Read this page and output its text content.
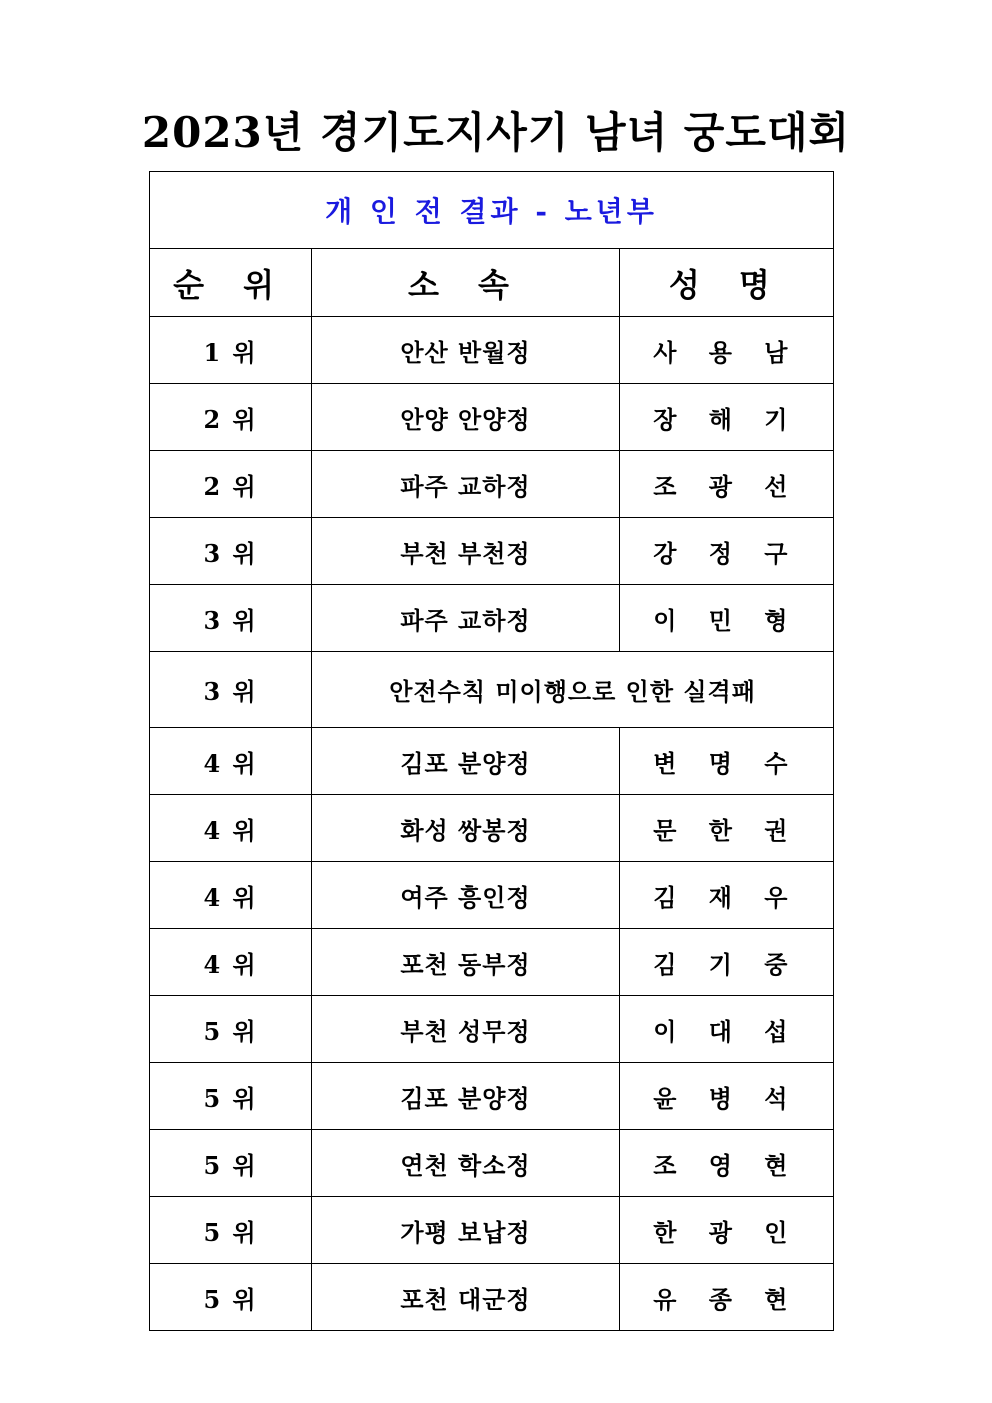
2023년 경기도지사기 남녀 궁도대회
개 인 전 결과 - 노년부		
순 위	소 속	성 명
1 위	안산 반월정	사 용 남
2 위	안양 안양정	장 해 기
2 위	파주 교하정	조 광 선
3 위	부천 부천정	강 정 구
3 위	파주 교하정	이 민 형
3 위	안전수칙 미이행으로 인한 실격패	
4 위	김포 분양정	변 명 수
4 위	화성 쌍봉정	문 한 권
4 위	여주 흥인정	김 재 우
4 위	포천 동부정	김 기 중
5 위	부천 성무정	이 대 섭
5 위	김포 분양정	윤 병 석
5 위	연천 학소정	조 영 현
5 위	가평 보납정	한 광 인
5 위	포천 대군정	유 종 현
